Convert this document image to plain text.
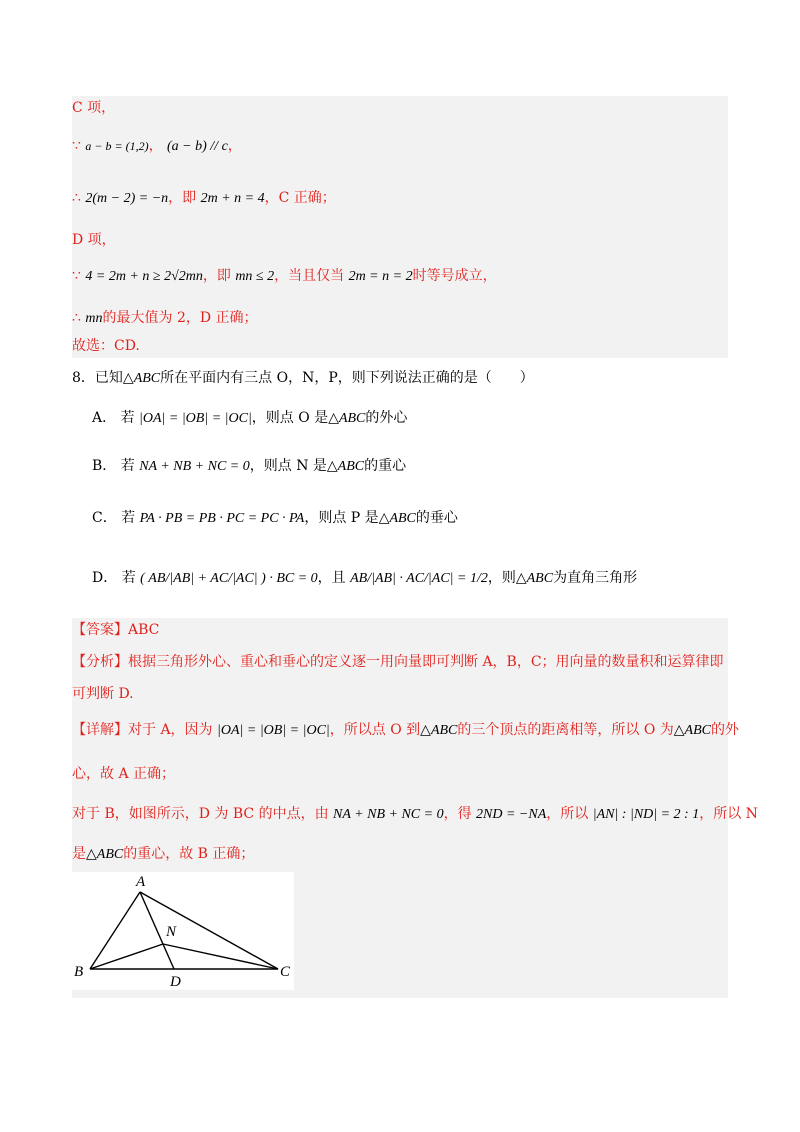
C 项，
∵ a − b = (1,2)， (a − b) // c，
∴ 2(m − 2) = −n，即 2m + n = 4，C 正确；
D 项，
∵ 4 = 2m + n ≥ 2√2mn，即 mn ≤ 2，当且仅当 2m = n = 2时等号成立，
∴ mn的最大值为 2，D 正确；
故选：CD.
8．已知△ABC所在平面内有三点 O，N，P，则下列说法正确的是（　　）
A． 若 |OA| = |OB| = |OC|，则点 O 是△ABC的外心
B． 若 NA + NB + NC = 0，则点 N 是△ABC的重心
C． 若 PA · PB = PB · PC = PC · PA，则点 P 是△ABC的垂心
D． 若 ( AB/|AB| + AC/|AC| ) · BC = 0，且 AB/|AB| · AC/|AC| = 1/2，则△ABC为直角三角形
【答案】ABC
【分析】根据三角形外心、重心和垂心的定义逐一用向量即可判断 A，B，C；用向量的数量积和运算律即
可判断 D.
【详解】对于 A，因为 |OA| = |OB| = |OC|，所以点 O 到△ABC的三个顶点的距离相等，所以 O 为△ABC的外
心，故 A 正确；
对于 B，如图所示，D 为 BC 的中点，由 NA + NB + NC = 0，得 2ND = −NA，所以 |AN| : |ND| = 2 : 1，所以 N
是△ABC的重心，故 B 正确；
A
B	C
N
D
